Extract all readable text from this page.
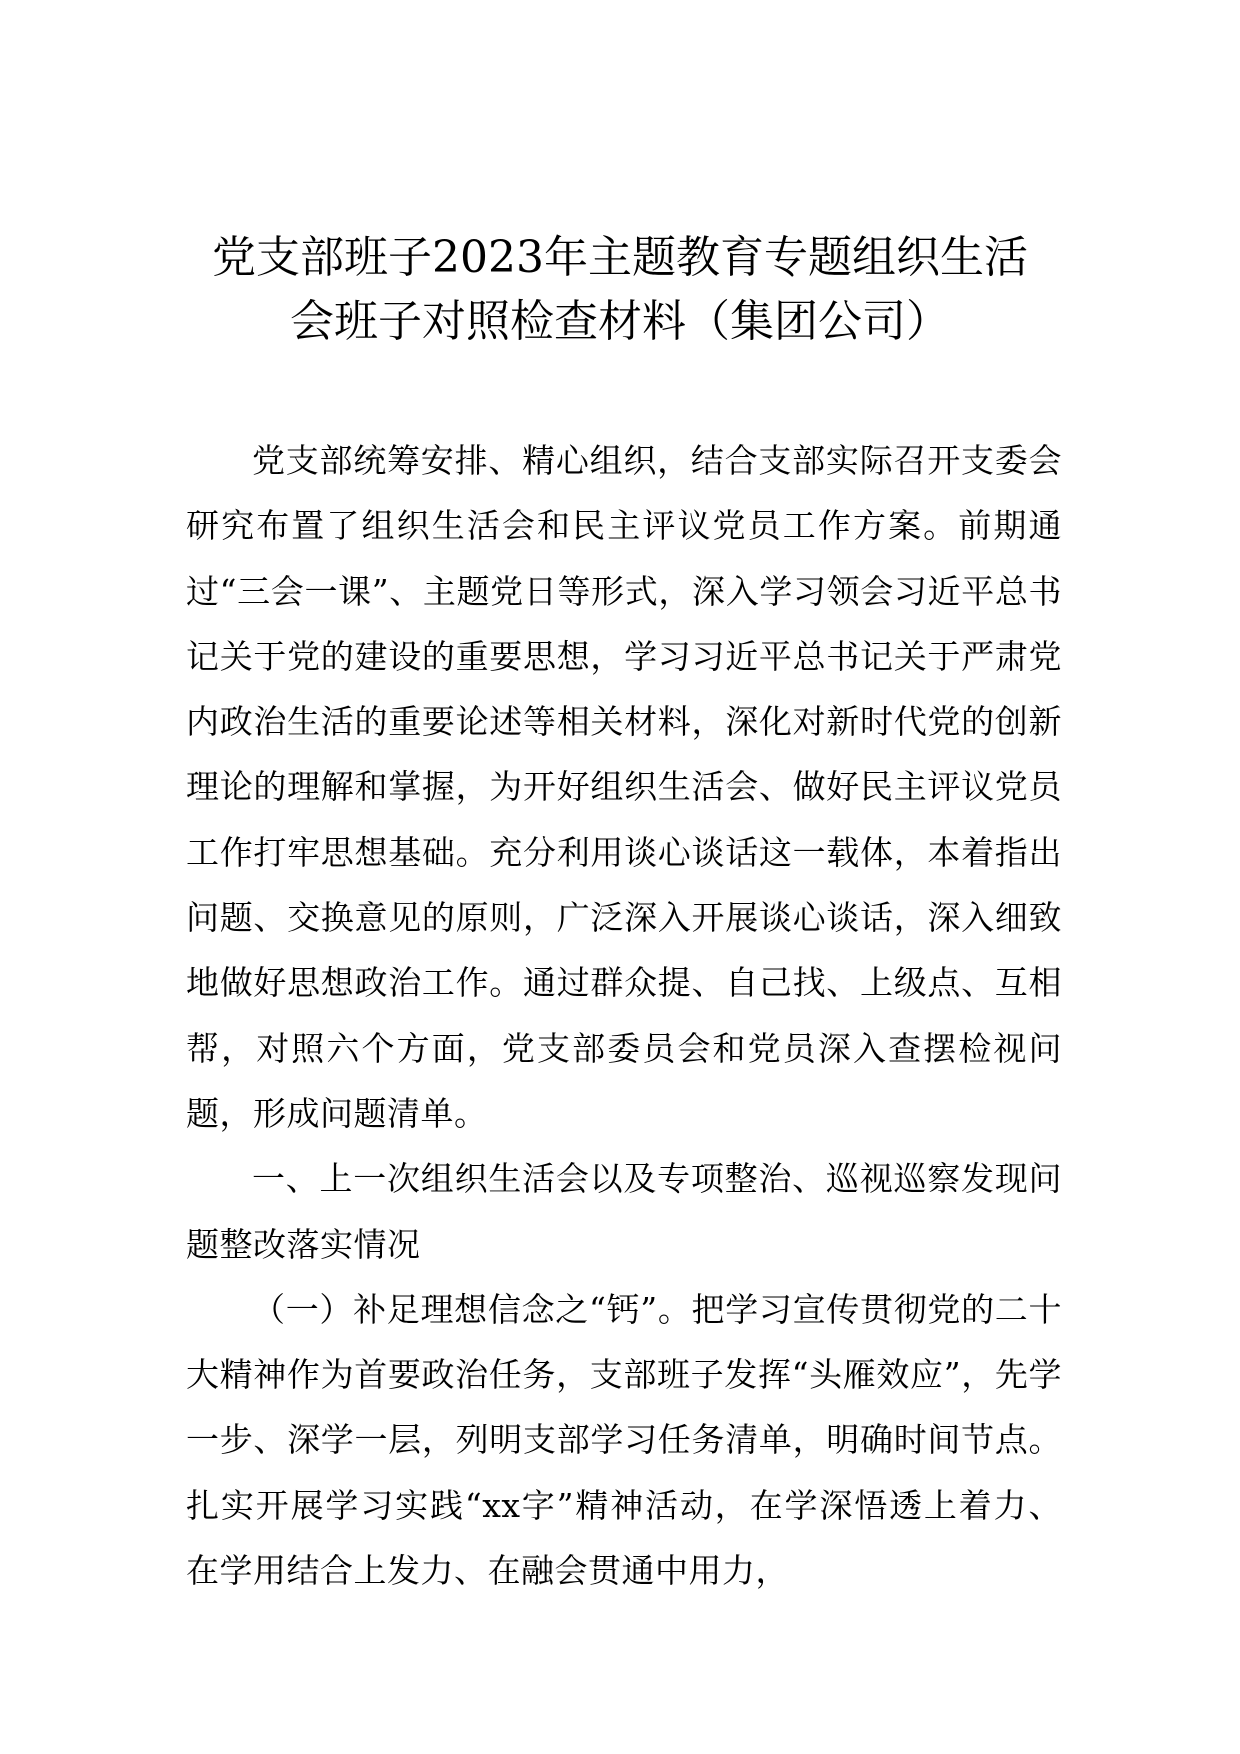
党支部班子2023年主题教育专题组织生活
会班子对照检查材料（集团公司）

党支部统筹安排、精心组织，结合支部实际召开支委会研究布置了组织生活会和民主评议党员工作方案。前期通过“三会一课”、主题党日等形式，深入学习领会习近平总书记关于党的建设的重要思想，学习习近平总书记关于严肃党内政治生活的重要论述等相关材料，深化对新时代党的创新理论的理解和掌握，为开好组织生活会、做好民主评议党员工作打牢思想基础。充分利用谈心谈话这一载体，本着指出问题、交换意见的原则，广泛深入开展谈心谈话，深入细致地做好思想政治工作。通过群众提、自己找、上级点、互相帮，对照六个方面，党支部委员会和党员深入查摆检视问题，形成问题清单。

一、上一次组织生活会以及专项整治、巡视巡察发现问题整改落实情况

（一）补足理想信念之“钙”。把学习宣传贯彻党的二十大精神作为首要政治任务，支部班子发挥“头雁效应”，先学一步、深学一层，列明支部学习任务清单，明确时间节点。扎实开展学习实践“xx字”精神活动，在学深悟透上着力、在学用结合上发力、在融会贯通中用力，
